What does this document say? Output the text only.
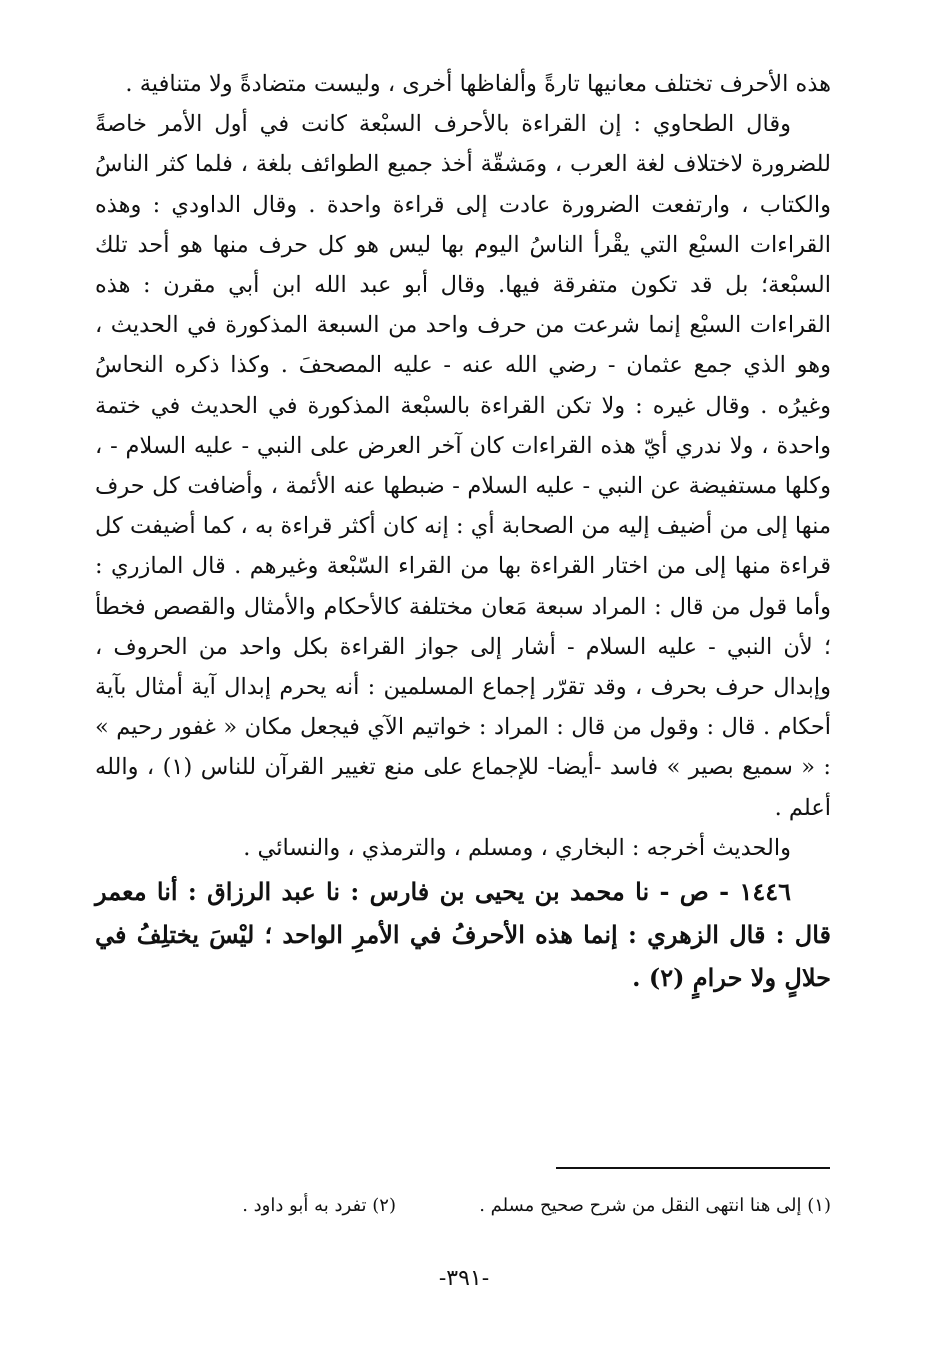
هذه الأحرف تختلف معانيها تارةً وألفاظها أخرى ، وليست متضادةً ولا متنافية .

وقال الطحاوي : إن القراءة بالأحرف السبْعة كانت في أول الأمر خاصةً للضرورة لاختلاف لغة العرب ، ومَشقّة أخذ جميع الطوائف بلغة ، فلما كثر الناسُ والكتاب ، وارتفعت الضرورة عادت إلى قراءة واحدة . وقال الداودي : وهذه القراءات السبْع التي يقْرأ الناسُ اليوم بها ليس هو كل حرف منها هو أحد تلك السبْعة؛ بل قد تكون متفرقة فيها. وقال أبو عبد الله ابن أبي مقرن : هذه القراءات السبْع إنما شرعت من حرف واحد من السبعة المذكورة في الحديث ، وهو الذي جمع عثمان - رضي الله عنه - عليه المصحفَ . وكذا ذكره النحاسُ وغيرُه . وقال غيره : ولا تكن القراءة بالسبْعة المذكورة في الحديث في ختمة واحدة ، ولا ندري أيّ هذه القراءات كان آخر العرض على النبي - عليه السلام - ، وكلها مستفيضة عن النبي - عليه السلام - ضبطها عنه الأئمة ، وأضافت كل حرف منها إلى من أضيف إليه من الصحابة أي : إنه كان أكثر قراءة به ، كما أضيفت كل قراءة منها إلى من اختار القراءة بها من القراء السّبْعة وغيرهم . قال المازري : وأما قول من قال : المراد سبعة مَعان مختلفة كالأحكام والأمثال والقصص فخطأ ؛ لأن النبي - عليه السلام - أشار إلى جواز القراءة بكل واحد من الحروف ، وإبدال حرف بحرف ، وقد تقرّر إجماع المسلمين : أنه يحرم إبدال آية أمثال بآية أحكام . قال : وقول من قال : المراد : خواتيم الآي فيجعل مكان « غفور رحيم » : « سميع بصير » فاسد -أيضا- للإجماع على منع تغيير القرآن للناس (١) ، والله أعلم .

والحديث أخرجه : البخاري ، ومسلم ، والترمذي ، والنسائي .

١٤٤٦ - ص - نا محمد بن يحيى بن فارس : نا عبد الرزاق : أنا معمر قال : قال الزهري : إنما هذه الأحرفُ في الأمرِ الواحد ؛ ليْسَ يختلِفُ في حلالٍ ولا حرامٍ (٢) .

(١) إلى هنا انتهى النقل من شرح صحيح مسلم .
(٢) تفرد به أبو داود .
-٣٩١-
